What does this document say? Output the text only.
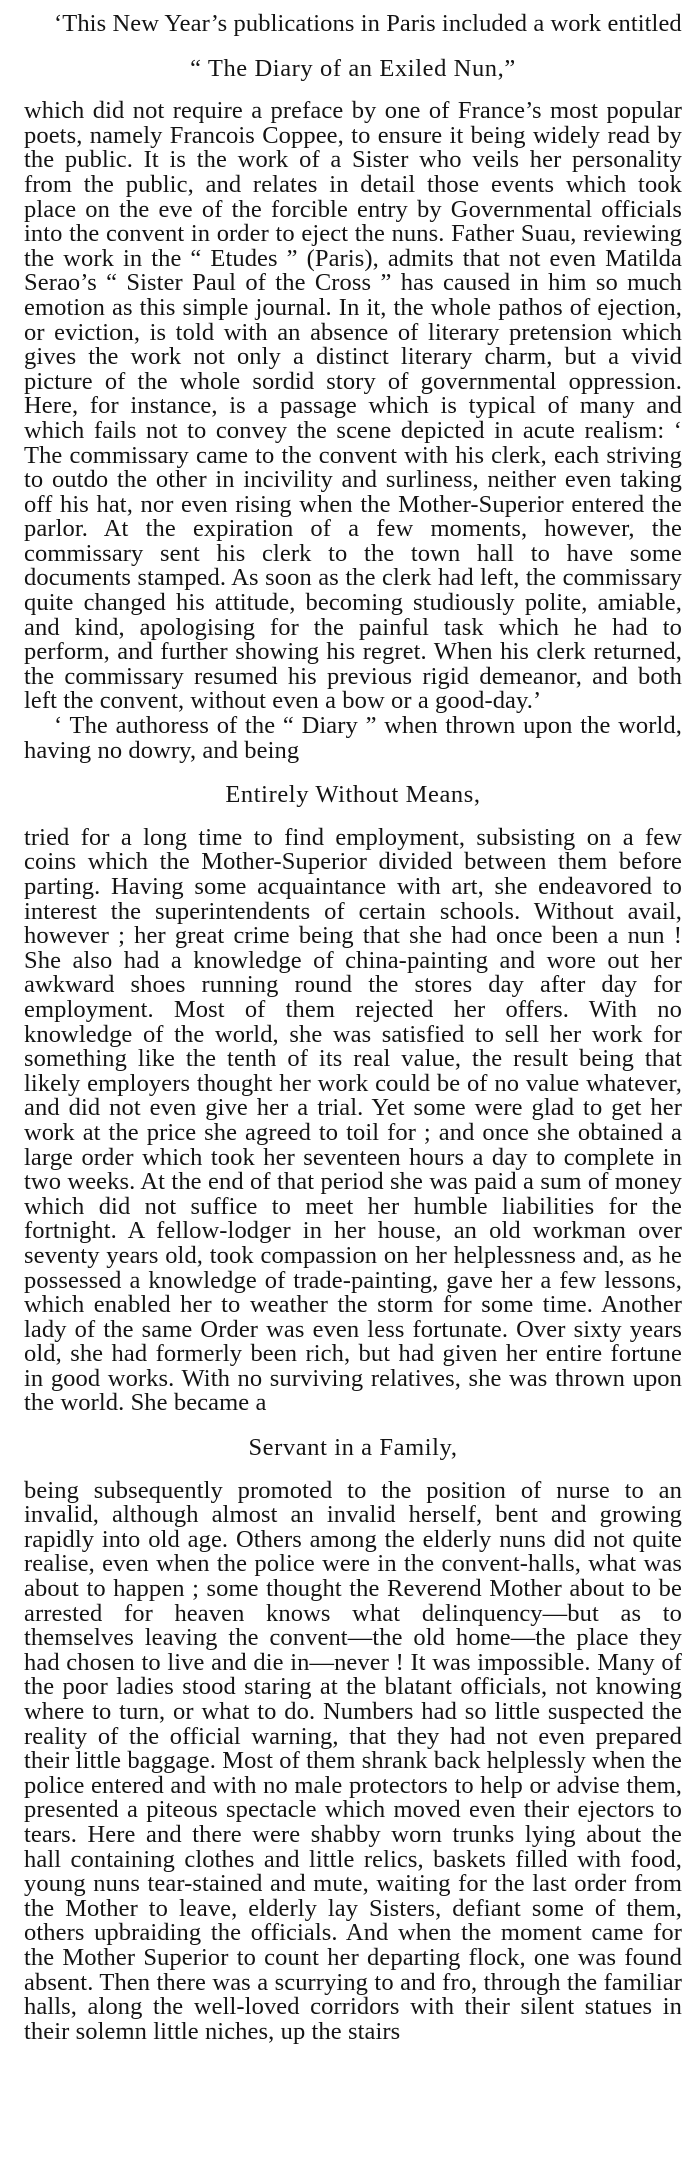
‘This New Year’s publications in Paris included a work entitled

“ The Diary of an Exiled Nun,”

which did not require a preface by one of France’s most popular poets, namely Francois Coppee, to ensure it being widely read by the public. It is the work of a Sister who veils her personality from the public, and relates in detail those events which took place on the eve of the forcible entry by Governmental officials into the convent in order to eject the nuns. Father Suau, reviewing the work in the “ Etudes ” (Paris), admits that not even Matilda Serao’s “ Sister Paul of the Cross ” has caused in him so much emotion as this simple journal. In it, the whole pathos of ejection, or eviction, is told with an absence of literary pretension which gives the work not only a distinct literary charm, but a vivid picture of the whole sordid story of governmental oppression. Here, for instance, is a passage which is typical of many and which fails not to convey the scene depicted in acute realism: ‘ The commissary came to the convent with his clerk, each striving to outdo the other in incivility and surliness, neither even taking off his hat, nor even rising when the Mother-Superior entered the parlor. At the expiration of a few moments, however, the commissary sent his clerk to the town hall to have some documents stamped. As soon as the clerk had left, the commissary quite changed his attitude, becoming studiously polite, amiable, and kind, apologising for the painful task which he had to perform, and further showing his regret. When his clerk returned, the commissary resumed his previous rigid demeanor, and both left the convent, without even a bow or a good-day.’

‘ The authoress of the “ Diary ” when thrown upon the world, having no dowry, and being

Entirely Without Means,

tried for a long time to find employment, subsisting on a few coins which the Mother-Superior divided between them before parting. Having some acquaintance with art, she endeavored to interest the superintendents of certain schools. Without avail, however ; her great crime being that she had once been a nun ! She also had a knowledge of china-painting and wore out her awkward shoes running round the stores day after day for employment. Most of them rejected her offers. With no knowledge of the world, she was satisfied to sell her work for something like the tenth of its real value, the result being that likely employers thought her work could be of no value whatever, and did not even give her a trial. Yet some were glad to get her work at the price she agreed to toil for ; and once she obtained a large order which took her seventeen hours a day to complete in two weeks. At the end of that period she was paid a sum of money which did not suffice to meet her humble liabilities for the fortnight. A fellow-lodger in her house, an old workman over seventy years old, took compassion on her helplessness and, as he possessed a knowledge of trade-painting, gave her a few lessons, which enabled her to weather the storm for some time. Another lady of the same Order was even less fortunate. Over sixty years old, she had formerly been rich, but had given her entire fortune in good works. With no surviving relatives, she was thrown upon the world. She became a

Servant in a Family,

being subsequently promoted to the position of nurse to an invalid, although almost an invalid herself, bent and growing rapidly into old age. Others among the elderly nuns did not quite realise, even when the police were in the convent-halls, what was about to happen ; some thought the Reverend Mother about to be arrested for heaven knows what delinquency—but as to themselves leaving the convent—the old home—the place they had chosen to live and die in—never ! It was impossible. Many of the poor ladies stood staring at the blatant officials, not knowing where to turn, or what to do. Numbers had so little suspected the reality of the official warning, that they had not even prepared their little baggage. Most of them shrank back helplessly when the police entered and with no male protectors to help or advise them, presented a piteous spectacle which moved even their ejectors to tears. Here and there were shabby worn trunks lying about the hall containing clothes and little relics, baskets filled with food, young nuns tear-stained and mute, waiting for the last order from the Mother to leave, elderly lay Sisters, defiant some of them, others upbraiding the officials. And when the moment came for the Mother Superior to count her departing flock, one was found absent. Then there was a scurrying to and fro, through the familiar halls, along the well-loved corridors with their silent statues in their solemn little niches, up the stairs
